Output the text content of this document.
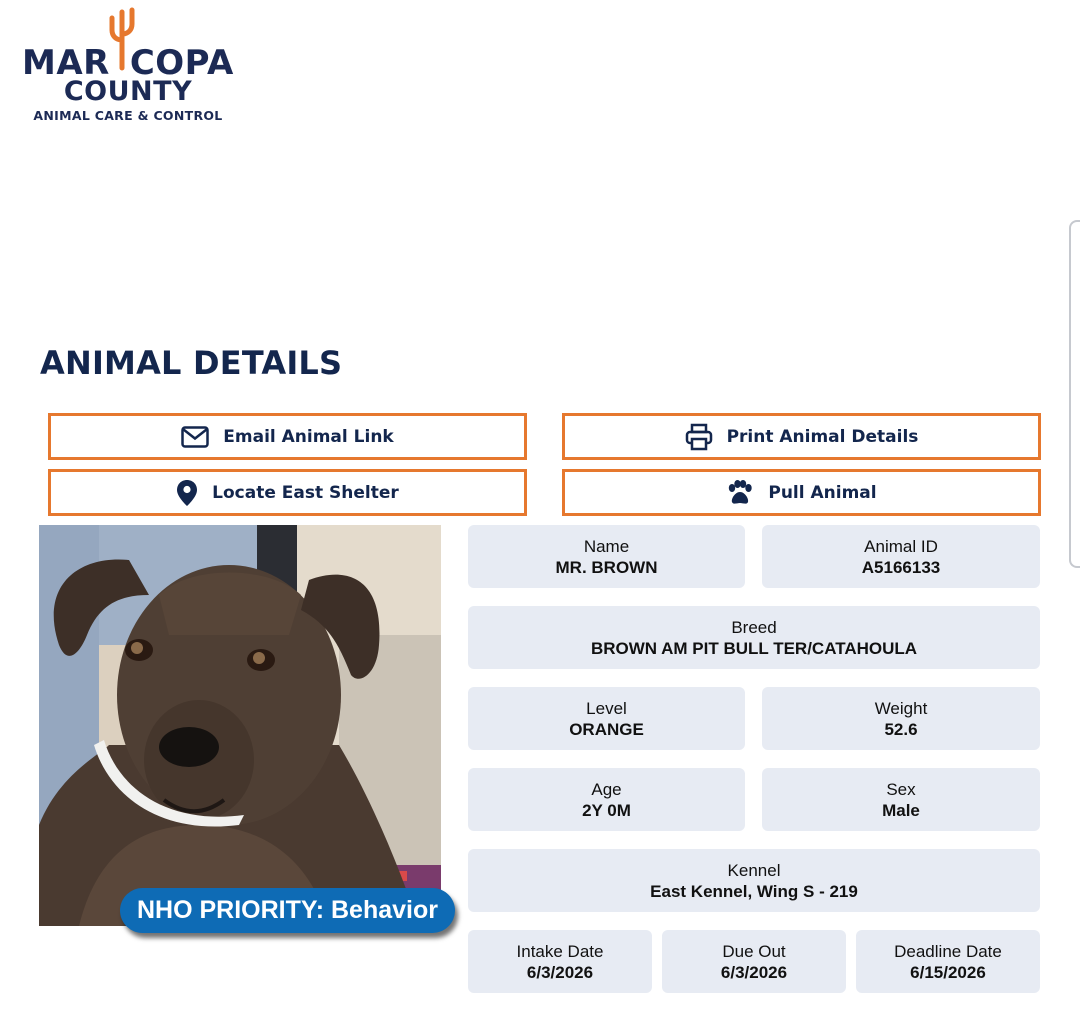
MAR COPA
COUNTY
ANIMAL CARE & CONTROL
ANIMAL DETAILS
Email Animal Link	Print Animal Details
Locate East Shelter	Pull Animal
NHO PRIORITY: Behavior
Name
MR. BROWN
Animal ID
A5166133
Breed
BROWN AM PIT BULL TER/CATAHOULA
Level
ORANGE
Weight
52.6
Age
2Y 0M
Sex
Male
Kennel
East Kennel, Wing S - 219
Intake Date
6/3/2026
Due Out
6/3/2026
Deadline Date
6/15/2026
